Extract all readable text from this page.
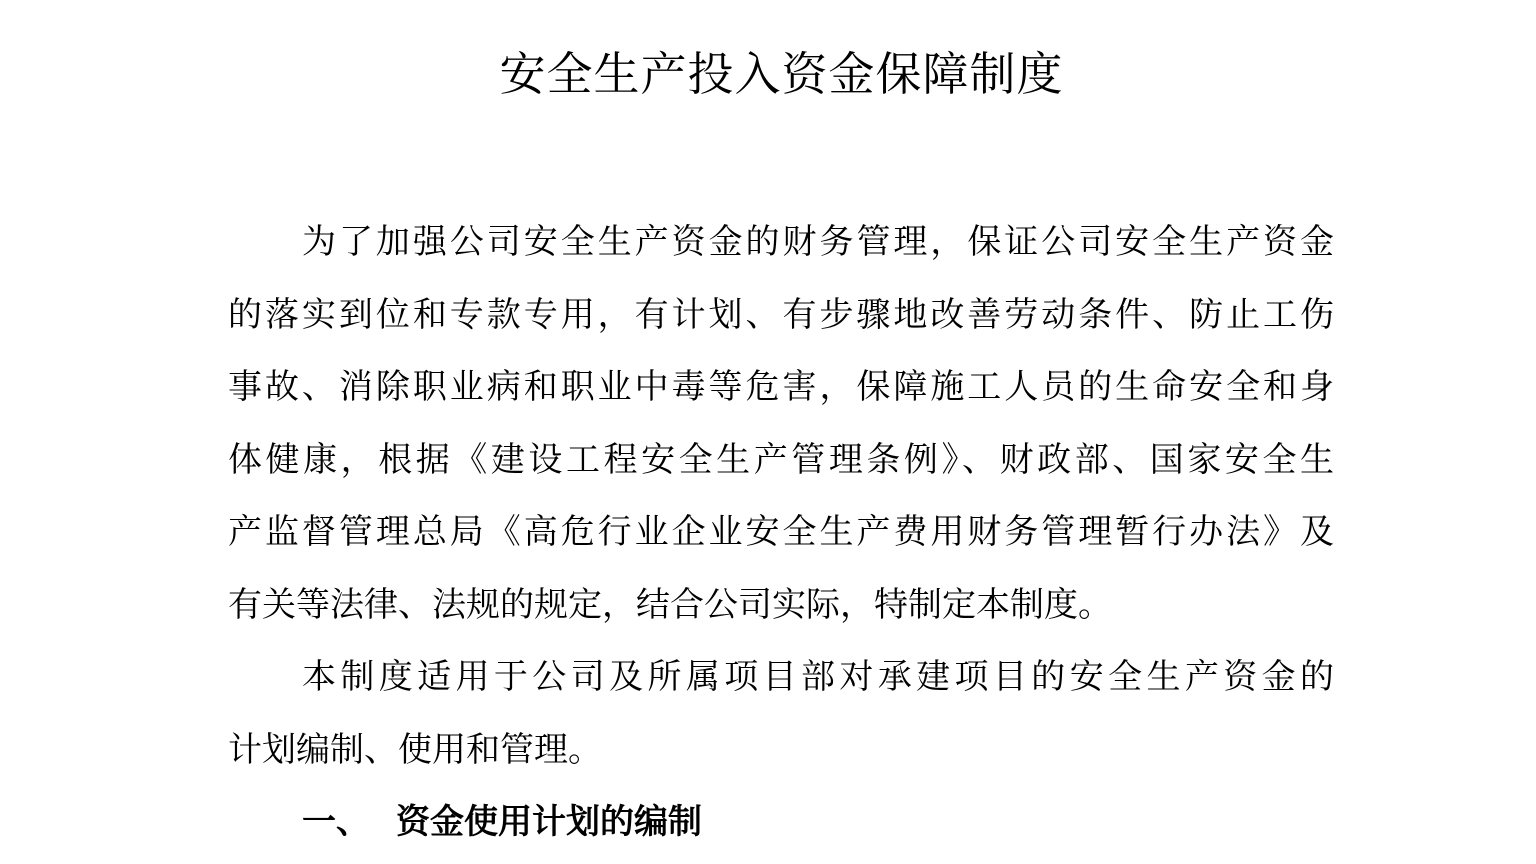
安全生产投入资金保障制度
为了加强公司安全生产资金的财务管理，保证公司安全生产资金
的落实到位和专款专用，有计划、有步骤地改善劳动条件、防止工伤
事故、消除职业病和职业中毒等危害，保障施工人员的生命安全和身
体健康，根据《建设工程安全生产管理条例》、财政部、国家安全生
产监督管理总局《高危行业企业安全生产费用财务管理暂行办法》及
有关等法律、法规的规定，结合公司实际，特制定本制度。
本制度适用于公司及所属项目部对承建项目的安全生产资金的
计划编制、使用和管理。
一、 资金使用计划的编制
